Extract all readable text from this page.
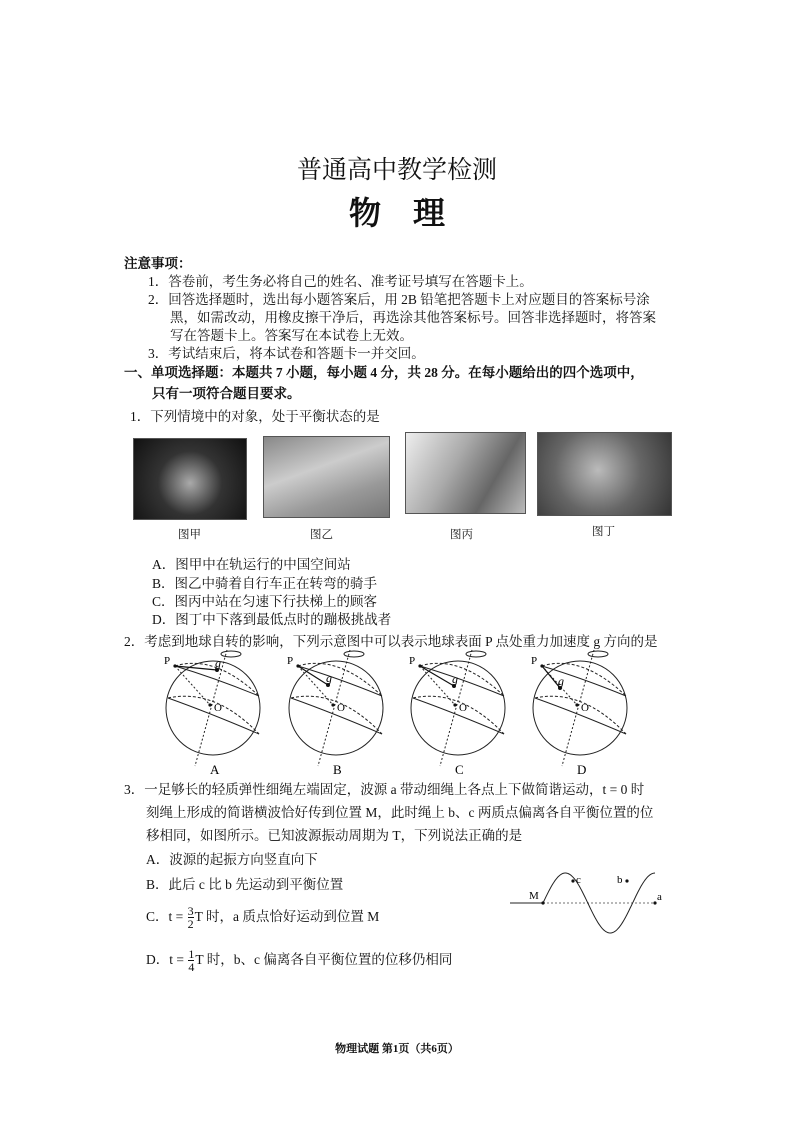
普通高中教学检测
物　理
注意事项：
1．答卷前，考生务必将自己的姓名、准考证号填写在答题卡上。
2．回答选择题时，选出每小题答案后，用 2B 铅笔把答题卡上对应题目的答案标号涂
黑，如需改动，用橡皮擦干净后，再选涂其他答案标号。回答非选择题时，将答案
写在答题卡上。答案写在本试卷上无效。
3．考试结束后，将本试卷和答题卡一并交回。
一、单项选择题：本题共 7 小题，每小题 4 分，共 28 分。在每小题给出的四个选项中，
只有一项符合题目要求。
1．下列情境中的对象，处于平衡状态的是
图甲	图乙	图丙	图丁
A．图甲中在轨运行的中国空间站
B．图乙中骑着自行车正在转弯的骑手
C．图丙中站在匀速下行扶梯上的顾客
D．图丁中下落到最低点时的蹦极挑战者
2．考虑到地球自转的影响，下列示意图中可以表示地球表面 P 点处重力加速度 g 方向的是
P	g
O
A
P
g
O
B
P
g
O
C
P
g
O
D
3．一足够长的轻质弹性细绳左端固定，波源 a 带动细绳上各点上下做简谐运动，t = 0 时
刻绳上形成的简谐横波恰好传到位置 M，此时绳上 b、c 两质点偏离各自平衡位置的位
移相同，如图所示。已知波源振动周期为 T，下列说法正确的是
A．波源的起振方向竖直向下
B．此后 c 比 b 先运动到平衡位置
C．$t = \frac{3}{2}$ T 时，a 质点恰好运动到位置 M
D．$t = \frac{1}{4}$ T 时，b、c 偏离各自平衡位置的位移仍相同
M
c	b
a
物理试题 第1页（共6页）
